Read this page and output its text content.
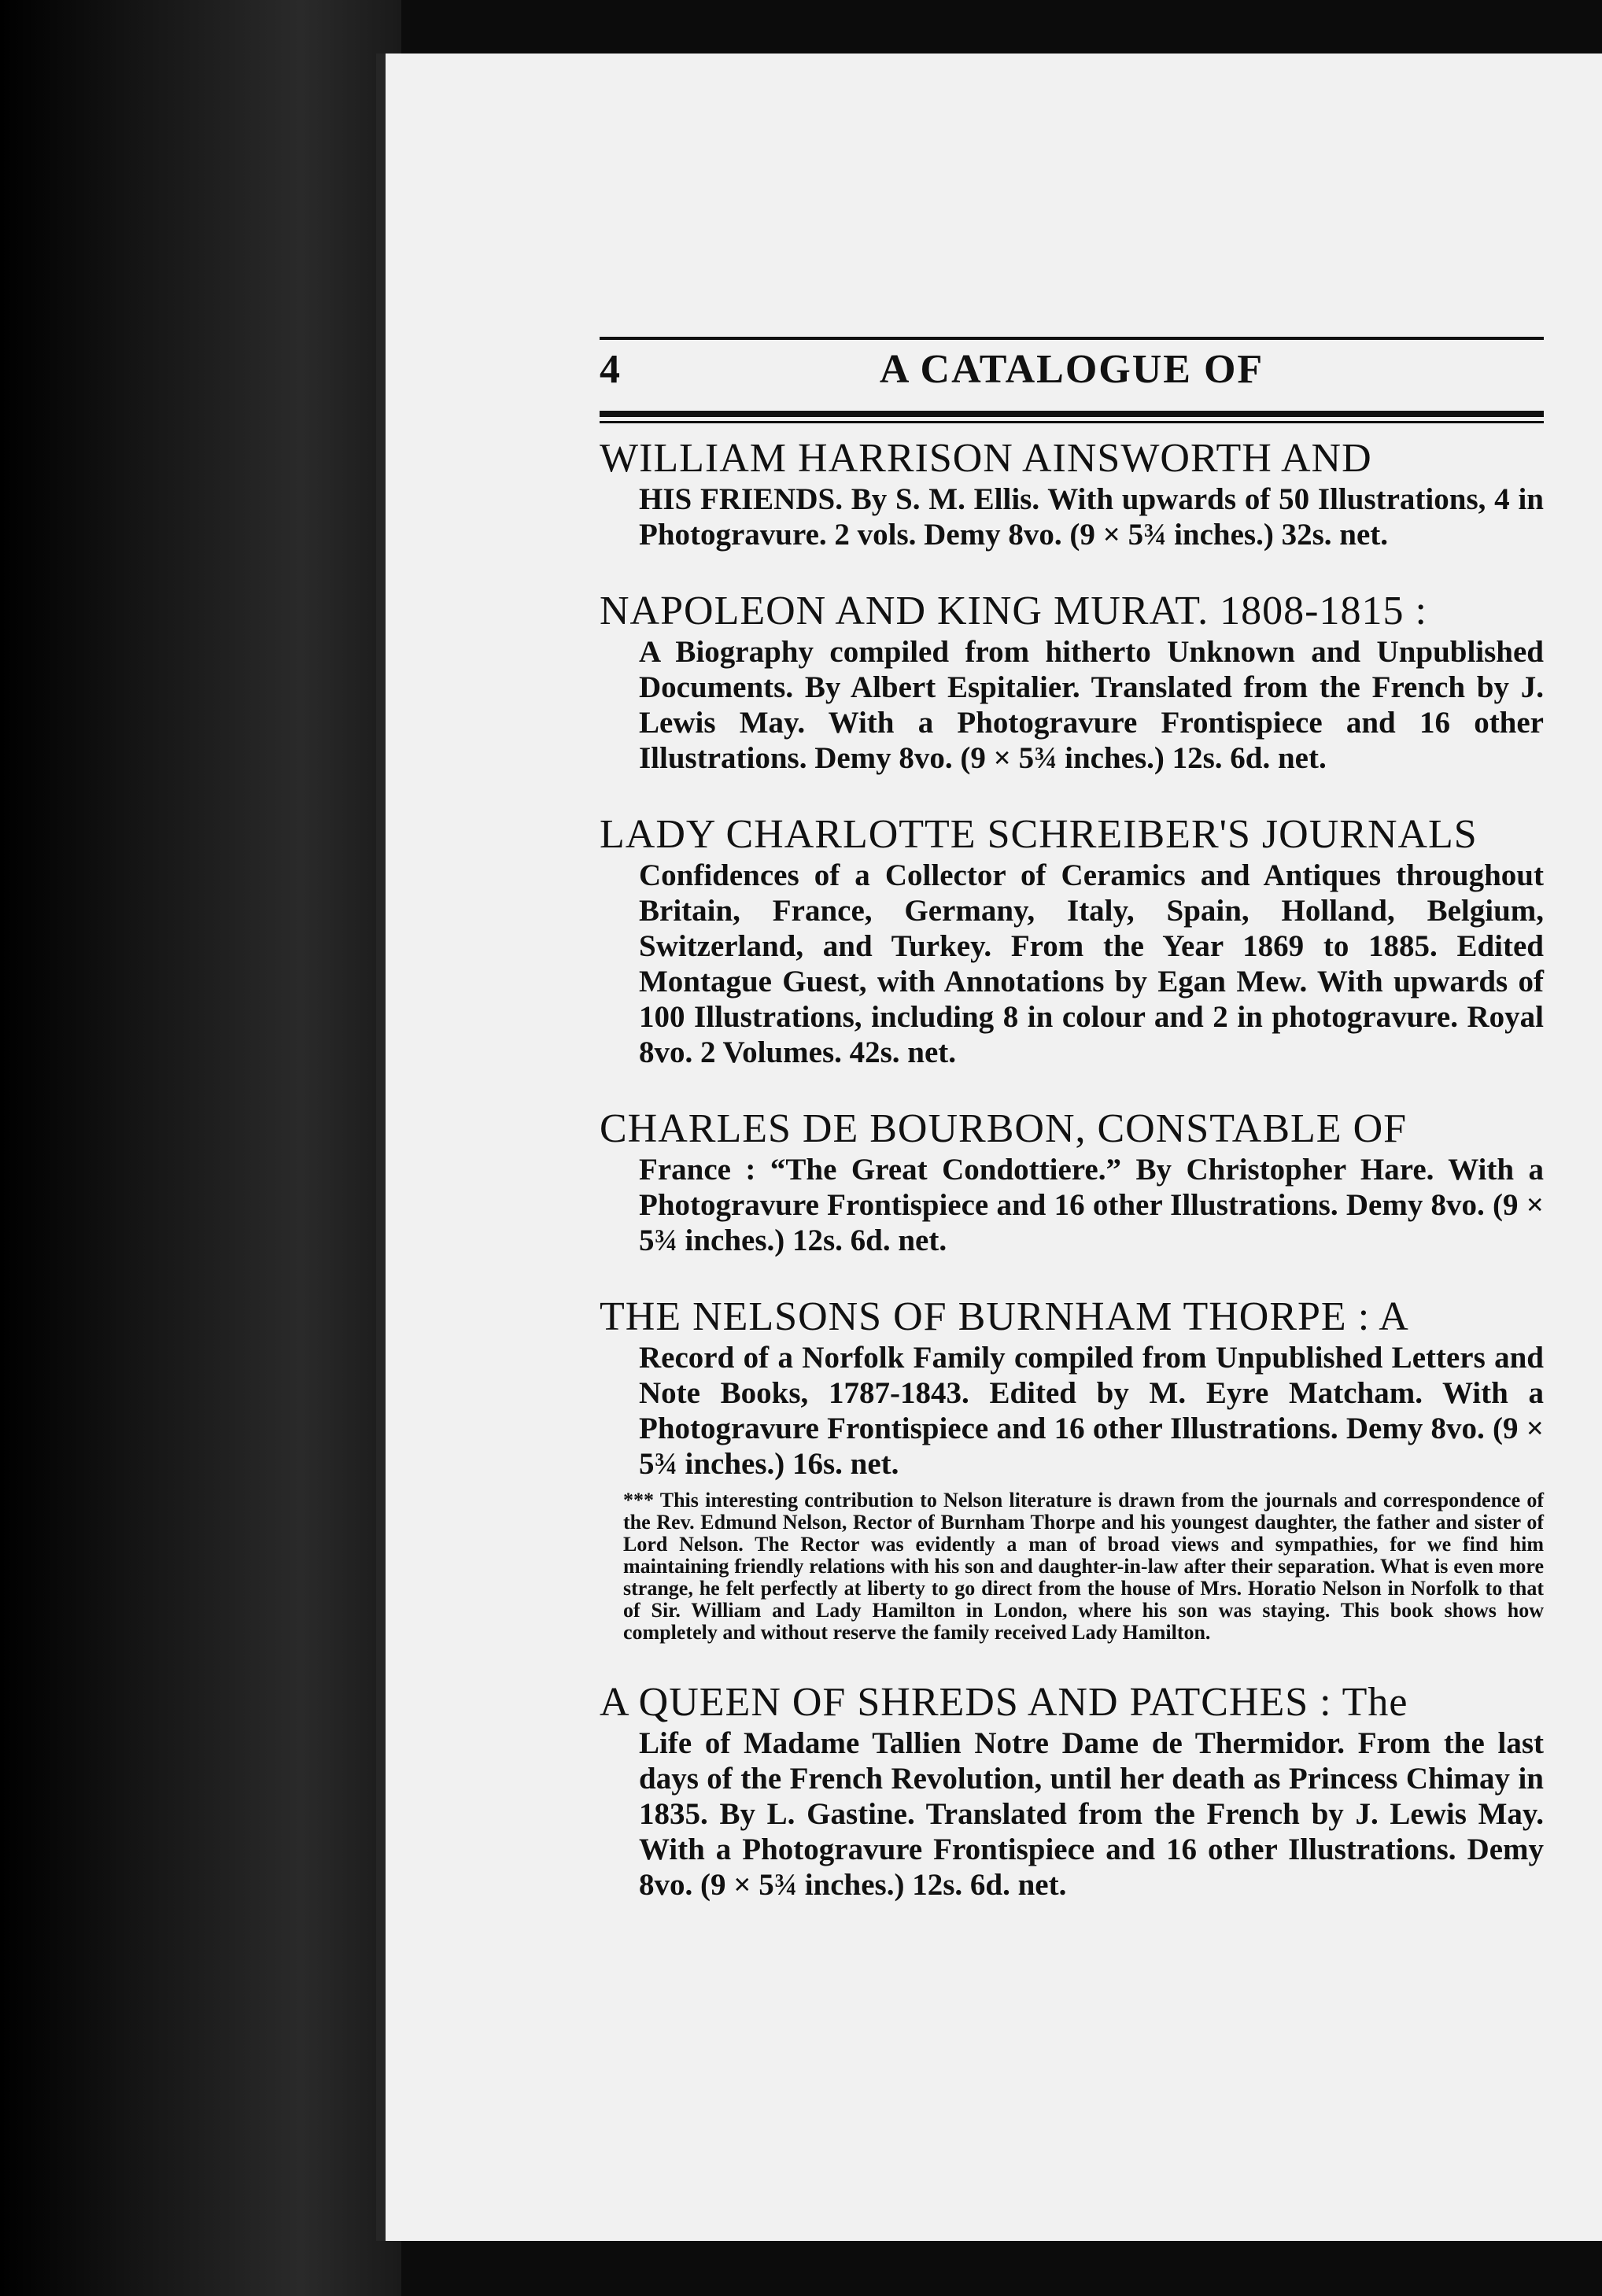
4	A CATALOGUE OF
WILLIAM HARRISON AINSWORTH AND
HIS FRIENDS. By S. M. Ellis. With upwards of 50 Illustrations, 4 in Photogravure. 2 vols. Demy 8vo. (9 × 5¾ inches.) 32s. net.
NAPOLEON AND KING MURAT. 1808-1815 :
A Biography compiled from hitherto Unknown and Unpublished Documents. By Albert Espitalier. Translated from the French by J. Lewis May. With a Photogravure Frontispiece and 16 other Illustrations. Demy 8vo. (9 × 5¾ inches.) 12s. 6d. net.
LADY CHARLOTTE SCHREIBER'S JOURNALS
Confidences of a Collector of Ceramics and Antiques throughout Britain, France, Germany, Italy, Spain, Holland, Belgium, Switzerland, and Turkey. From the Year 1869 to 1885. Edited Montague Guest, with Annotations by Egan Mew. With upwards of 100 Illustrations, including 8 in colour and 2 in photogravure. Royal 8vo. 2 Volumes. 42s. net.
CHARLES DE BOURBON, CONSTABLE OF
France : “The Great Condottiere.” By Christopher Hare. With a Photogravure Frontispiece and 16 other Illustrations. Demy 8vo. (9 × 5¾ inches.) 12s. 6d. net.
THE NELSONS OF BURNHAM THORPE : A
Record of a Norfolk Family compiled from Unpublished Letters and Note Books, 1787-1843. Edited by M. Eyre Matcham. With a Photogravure Frontispiece and 16 other Illustrations. Demy 8vo. (9 × 5¾ inches.) 16s. net.
*** This interesting contribution to Nelson literature is drawn from the journals and correspondence of the Rev. Edmund Nelson, Rector of Burnham Thorpe and his youngest daughter, the father and sister of Lord Nelson. The Rector was evidently a man of broad views and sympathies, for we find him maintaining friendly relations with his son and daughter-in-law after their separation. What is even more strange, he felt perfectly at liberty to go direct from the house of Mrs. Horatio Nelson in Norfolk to that of Sir. William and Lady Hamilton in London, where his son was staying. This book shows how completely and without reserve the family received Lady Hamilton.
A QUEEN OF SHREDS AND PATCHES : The
Life of Madame Tallien Notre Dame de Thermidor. From the last days of the French Revolution, until her death as Princess Chimay in 1835. By L. Gastine. Translated from the French by J. Lewis May. With a Photogravure Frontispiece and 16 other Illustrations. Demy 8vo. (9 × 5¾ inches.) 12s. 6d. net.
